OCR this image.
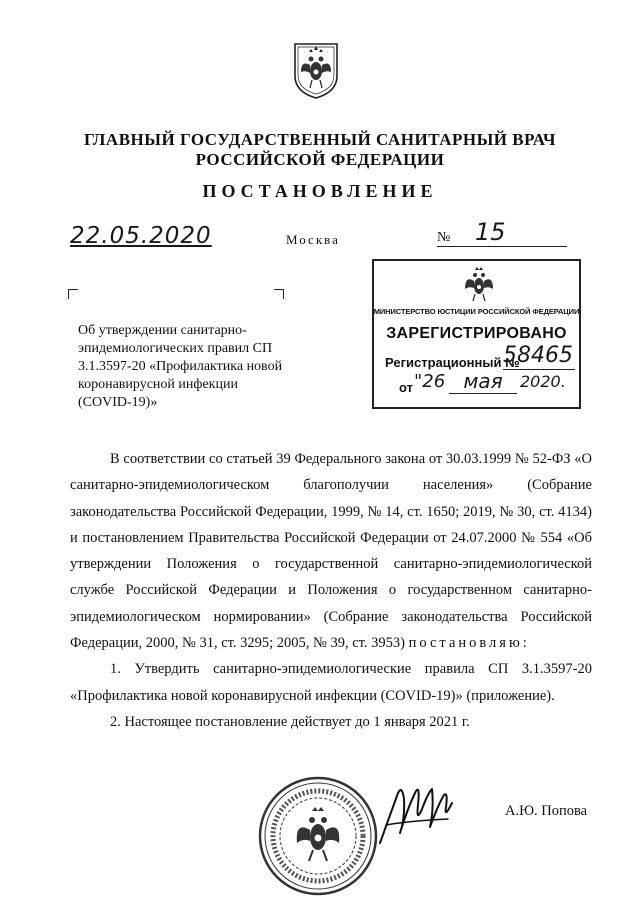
ГЛАВНЫЙ ГОСУДАРСТВЕННЫЙ САНИТАРНЫЙ ВРАЧ
РОССИЙСКОЙ ФЕДЕРАЦИИ
ПОСТАНОВЛЕНИЕ
22.05.2020	Москва	№ 15
Об утверждении санитарно-эпидемиологических правил СП 3.1.3597-20 «Профилактика новой коронавирусной инфекции (COVID-19)»
МИНИСТЕРСТВО ЮСТИЦИИ РОССИЙСКОЙ ФЕДЕРАЦИИ
ЗАРЕГИСТРИРОВАНО
Регистрационный №
58465
от "26 мая	2020.

В соответствии со статьей 39 Федерального закона от 30.03.1999 № 52-ФЗ «О санитарно-эпидемиологическом благополучии населения» (Собрание законодательства Российской Федерации, 1999, № 14, ст. 1650; 2019, № 30, ст. 4134) и постановлением Правительства Российской Федерации от 24.07.2000 № 554 «Об утверждении Положения о государственной санитарно-эпидемиологической службе Российской Федерации и Положения о государственном санитарно-эпидемиологическом нормировании» (Собрание законодательства Российской Федерации, 2000, № 31, ст. 3295; 2005, № 39, ст. 3953) постановляю:

1. Утвердить санитарно-эпидемиологические правила СП 3.1.3597-20 «Профилактика новой коронавирусной инфекции (COVID-19)» (приложение).

2. Настоящее постановление действует до 1 января 2021 г.

А.Ю. Попова
